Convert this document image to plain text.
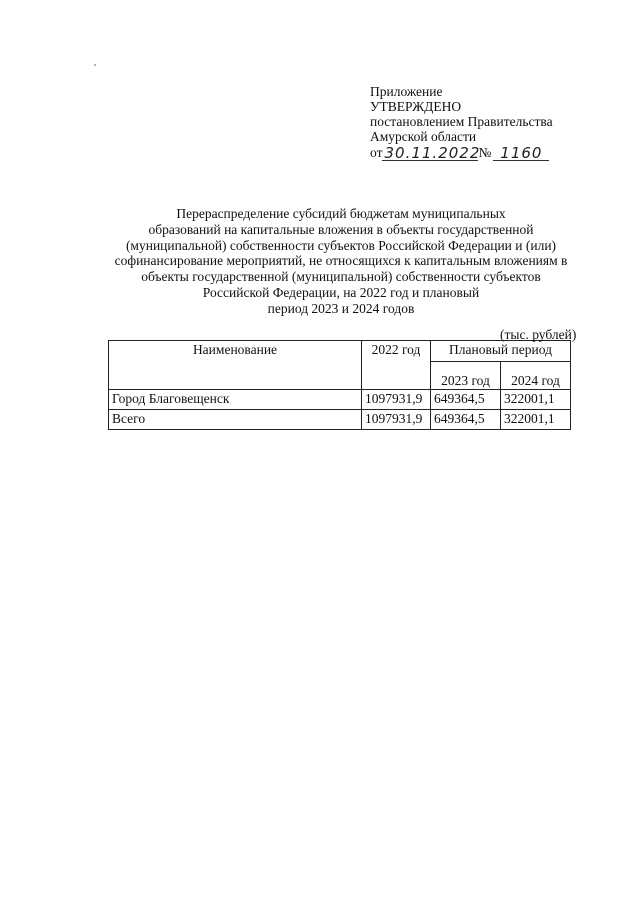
Приложение
УТВЕРЖДЕНО
постановлением Правительства
Амурской области
от 30.11.2022№ 1160
Перераспределение субсидий бюджетам муниципальных
образований на капитальные вложения в объекты государственной
(муниципальной) собственности субъектов Российской Федерации и (или)
софинансирование мероприятий, не относящихся к капитальным вложениям в
объекты государственной (муниципальной) собственности субъектов
Российской Федерации, на 2022 год и плановый
период 2023 и 2024 годов
(тыс. рублей)
Наименование	2022 год	Плановый период	
		2023 год	2024 год
Город Благовещенск	1097931,9	649364,5	322001,1
Всего	1097931,9	649364,5	322001,1
